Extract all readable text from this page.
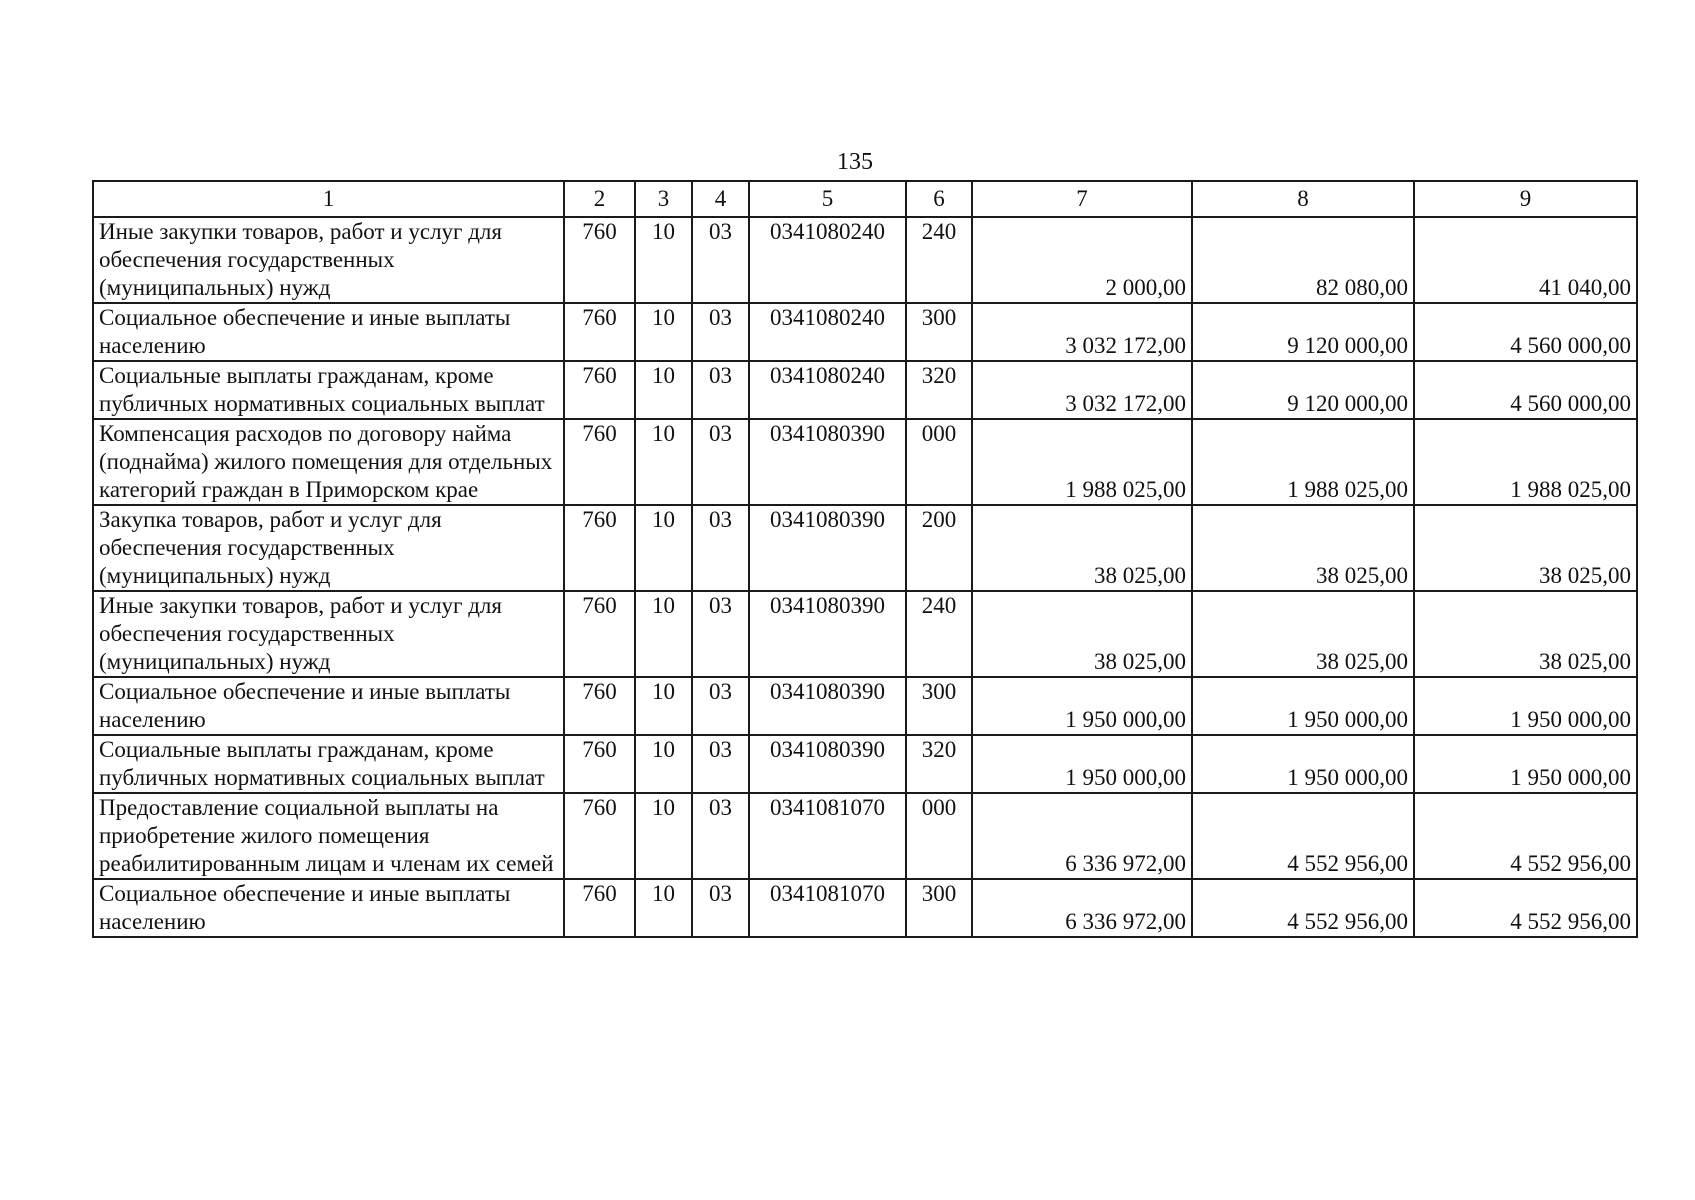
135
1	2	3	4	5	6	7	8	9
Иные закупки товаров, работ и услуг для обеспечения государственных (муниципальных) нужд	760	10	03	0341080240	240	2 000,00	82 080,00	41 040,00
Социальное обеспечение и иные выплаты населению	760	10	03	0341080240	300	3 032 172,00	9 120 000,00	4 560 000,00
Социальные выплаты гражданам, кроме публичных нормативных социальных выплат	760	10	03	0341080240	320	3 032 172,00	9 120 000,00	4 560 000,00
Компенсация расходов по договору найма (поднайма) жилого помещения для отдельных категорий граждан в Приморском крае	760	10	03	0341080390	000	1 988 025,00	1 988 025,00	1 988 025,00
Закупка товаров, работ и услуг для обеспечения государственных (муниципальных) нужд	760	10	03	0341080390	200	38 025,00	38 025,00	38 025,00
Иные закупки товаров, работ и услуг для обеспечения государственных (муниципальных) нужд	760	10	03	0341080390	240	38 025,00	38 025,00	38 025,00
Социальное обеспечение и иные выплаты населению	760	10	03	0341080390	300	1 950 000,00	1 950 000,00	1 950 000,00
Социальные выплаты гражданам, кроме публичных нормативных социальных выплат	760	10	03	0341080390	320	1 950 000,00	1 950 000,00	1 950 000,00
Предоставление социальной выплаты на приобретение жилого помещения реабилитированным лицам и членам их семей	760	10	03	0341081070	000	6 336 972,00	4 552 956,00	4 552 956,00
Социальное обеспечение и иные выплаты населению	760	10	03	0341081070	300	6 336 972,00	4 552 956,00	4 552 956,00
